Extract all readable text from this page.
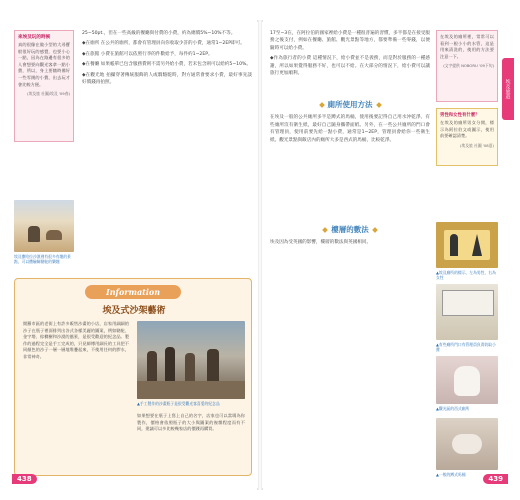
來埃及玩的時候
真的很像在做小型的大尋寶般很好玩的感覺，也要小心一點，因為在路邊有很多的人會想要向觀光客拿一點小費，所以，身上要隨時備好一些零錢的小費，出去玩才會比較方便。
(埃及旅 社圖/埃及 '09春)
埃及撒哈拉沙漠裡有很多有趣的景點，可以體驗騎駱駝的樂趣

25∼50pt.，但在一些高級的餐廳與付費的小費，約為總價5%∼10%不等。

◆在廁所 在公共的廁所，都會有管理員向你收取少許的小費，通常1∼2EP即可。

◆在旅館 小費在旅館可以依照行李的件數給予，每件約1∼2EP。

◆在餐廳 如果帳單已包含服務費則不需另外給小費，若未包含則可以給約5∼10%。

◆在觀光地 拍攝穿著傳統服飾的人或騎駱駝時，對方通常會要求小費，最好事先談好價錢再拍照。

Information
埃及式沙架藝術

開羅市區的老街上有許多販售沙畫的小店，店家用細細的沙子在瓶子裡面排列出各式各樣美麗的圖案，例如駱駝、金字塔、棕櫚樹和沙漠的風景，是很受歡迎的紀念品。製作的過程完全是手工完成的，只見師傅用細長的工具把不同顏色的沙子一層一層地堆疊起來，不使用任何的膠水，非常神奇。

▲手工製作的沙畫瓶子是很受觀光客喜愛的紀念品

如果想要在瓶子上寫上自己的名字，店家也可以當場為你製作，價格會依照瓶子的大小與圖案的複雜程度而有不同，建議可以多比較幾家店的價錢再購買。

438
埃及旅遊

17至∼3在，在阿拉伯的國家裡給小費是一種很普遍的習慣，多半都是在接受服務之後支付，例如在餐廳、旅館、觀光景點等地方，都要準備一些零錢，以便隨時可以給小費。

◆作為旅行者的小費 這種情況下，給小費並不是義務，而是對於服務的一種感謝，所以如果覺得服務不好，也可以不給。在大部分的情況下，給小費可以讓旅行更加順利。

廁所使用方法

在埃及一般的公共廁所多半是蹲式的馬桶，使用後要記得自己用水沖乾淨。有些廁所沒有衛生紙，最好自己隨身攜帶面紙。另外，在一些公共廁所的門口會有管理員，使用前要先給一點小費，通常是1∼2EP，管理員會給你一些衛生紙。觀光景點與飯店內的廁所大多是西式的馬桶，比較乾淨。

樓層的數法

埃及因為受英國的影響，樓層的數法與英國相同。

在埃及的廁所裡，常常可以看到一根小小的水管，這是用來清洗的，使用的方法要注意一下。
(文字提供 NOBORU '09下旬)
男性和女性有什麼？
在埃及的廁所男女分開，標示為阿拉伯文或圖示，使用前要確認清楚。
(埃及旅 社圖 '08夏)
▲埃及廁所的標示，左為男性，右為女性
▲有些廁所門口有管理員負責收取小費
▲觀光區的西式廁所
▲一般的蹲式馬桶
439
